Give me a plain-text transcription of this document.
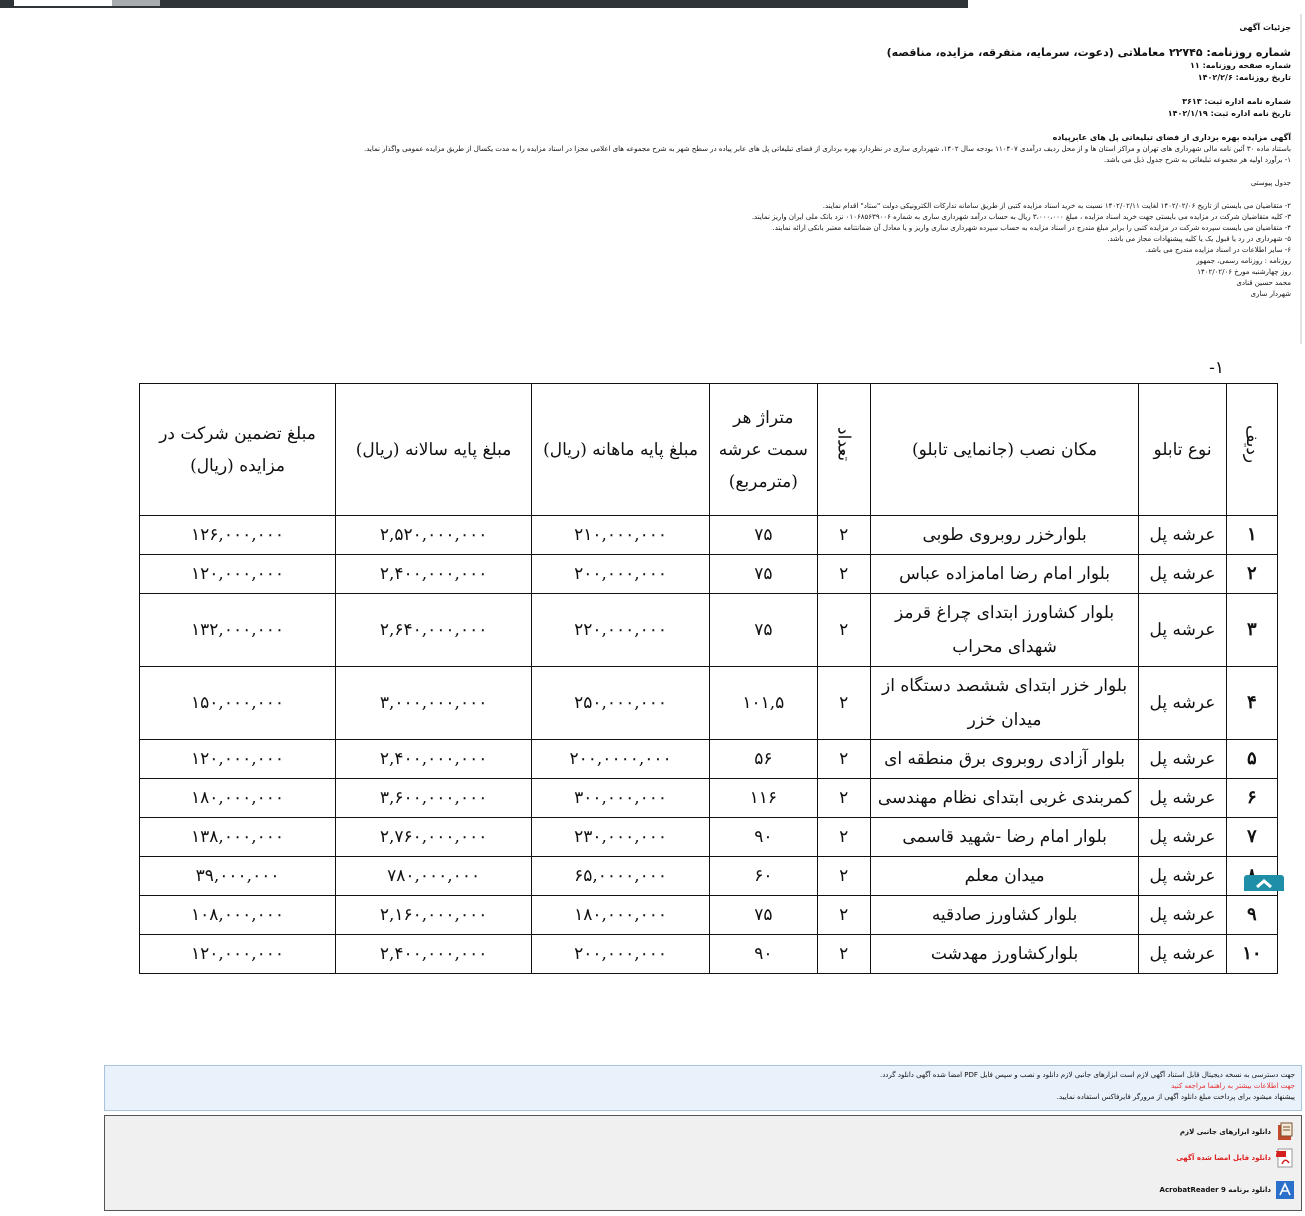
جزئیات آگهی
شماره روزنامه: ۲۲۷۴۵ معاملاتی (دعوت، سرمایه، متفرقه، مزایده، مناقصه)
شماره صفحه روزنامه: ۱۱
تاریخ روزنامه: ۱۴۰۲/۲/۶
شماره نامه اداره ثبت: ۳۶۱۳
تاریخ نامه اداره ثبت: ۱۴۰۲/۱/۱۹
آگهی مزایده بهره برداری از فضای تبلیغاتی پل های عابرپیاده
باستناد ماده ۳۰ آئین نامه مالی شهرداری های تهران و مراکز استان ها و از محل ردیف درآمدی ۱۱۰۴۰۷ بودجه سال ۱۴۰۲، شهرداری ساری در نظردارد بهره برداری از فضای تبلیغاتی پل های عابر پیاده در سطح شهر به شرح مجموعه های اعلامی مجزا در اسناد مزایده را به مدت یکسال از طریق مزایده عمومی واگذار نماید.
۱- برآورد اولیه هر مجموعه تبلیغاتی به شرح جدول ذیل می باشد.
جدول پیوستی
۲- متقاضیان می بایستی از تاریخ ۱۴۰۲/۰۲/۰۶ لغایت ۱۴۰۲/۰۲/۱۱ نسبت به خرید اسناد مزایده کتبی از طریق سامانه تدارکات الکترونیکی دولت "ستاد" اقدام نمایند.
۳- کلیه متقاضیان شرکت در مزایده می بایستی جهت خرید اسناد مزایده ، مبلغ ۳،۰۰۰،۰۰۰ ریال به حساب درآمد شهرداری ساری به شماره ۰۱۰۶۸۵۶۳۹۰۰۶ نزد بانک ملی ایران واریز نمایند.
۴- متقاضیان می بایست سپرده شرکت در مزایده کتبی را برابر مبلغ مندرج در اسناد مزایده به حساب سپرده شهرداری ساری واریز و یا معادل آن ضمانتنامه معتبر بانکی ارائه نمایند.
۵- شهرداری در رد یا قبول یک یا کلیه پیشنهادات مجاز می باشد.
۶- سایر اطلاعات در اسناد مزایده مندرج می باشد.
روزنامه : روزنامه رسمی، جمهور
روز چهارشنبه مورخ ۱۴۰۲/۰۲/۰۶
محمد حسین قنادی
شهردار ساری
۱-
ردیف	نوع تابلو	مکان نصب (جانمایی تابلو)	تعداد	متراژ هر سمت عرشه (مترمربع)	مبلغ پایه ماهانه (ریال)	مبلغ پایه سالانه (ریال)	مبلغ تضمین شرکت در مزایده (ریال)
۱	عرشه پل	بلوارخزر روبروی طوبی	۲	۷۵	۲۱۰,۰۰۰,۰۰۰	۲,۵۲۰,۰۰۰,۰۰۰	۱۲۶,۰۰۰,۰۰۰
۲	عرشه پل	بلوار امام رضا امامزاده عباس	۲	۷۵	۲۰۰,۰۰۰,۰۰۰	۲,۴۰۰,۰۰۰,۰۰۰	۱۲۰,۰۰۰,۰۰۰
۳	عرشه پل	بلوار کشاورز ابتدای چراغ قرمز شهدای محراب	۲	۷۵	۲۲۰,۰۰۰,۰۰۰	۲,۶۴۰,۰۰۰,۰۰۰	۱۳۲,۰۰۰,۰۰۰
۴	عرشه پل	بلوار خزر ابتدای ششصد دستگاه از میدان خزر	۲	۱۰۱,۵	۲۵۰,۰۰۰,۰۰۰	۳,۰۰۰,۰۰۰,۰۰۰	۱۵۰,۰۰۰,۰۰۰
۵	عرشه پل	بلوار آزادی روبروی برق منطقه ای	۲	۵۶	۲۰۰,۰۰۰۰,۰۰۰	۲,۴۰۰,۰۰۰,۰۰۰	۱۲۰,۰۰۰,۰۰۰
۶	عرشه پل	کمربندی غربی ابتدای نظام مهندسی	۲	۱۱۶	۳۰۰,۰۰۰,۰۰۰	۳,۶۰۰,۰۰۰,۰۰۰	۱۸۰,۰۰۰,۰۰۰
۷	عرشه پل	بلوار امام رضا -شهید قاسمی	۲	۹۰	۲۳۰,۰۰۰,۰۰۰	۲,۷۶۰,۰۰۰,۰۰۰	۱۳۸,۰۰۰,۰۰۰
	عرشه پل	میدان معلم	۲	۶۰	۶۵,۰۰۰۰,۰۰۰	۷۸۰,۰۰۰,۰۰۰	۳۹,۰۰۰,۰۰۰
۹	عرشه پل	بلوار کشاورز صادقیه	۲	۷۵	۱۸۰,۰۰۰,۰۰۰	۲,۱۶۰,۰۰۰,۰۰۰	۱۰۸,۰۰۰,۰۰۰
۱۰	عرشه پل	بلوارکشاورز مهدشت	۲	۹۰	۲۰۰,۰۰۰,۰۰۰	۲,۴۰۰,۰۰۰,۰۰۰	۱۲۰,۰۰۰,۰۰۰
جهت دسترسی به نسخه دیجیتال قابل استناد آگهی لازم است ابزارهای جانبی لازم دانلود و نصب و سپس فایل PDF امضا شده آگهی دانلود گردد.
جهت اطلاعات بیشتر به راهنما مراجعه کنید
پیشنهاد میشود برای پرداخت مبلغ دانلود آگهی از مرورگر فایرفاکس استفاده نمایید.
دانلود ابزارهای جانبی لازم
F
دانلود فایل امضا شده آگهی
دانلود برنامه AcrobatReader 9
